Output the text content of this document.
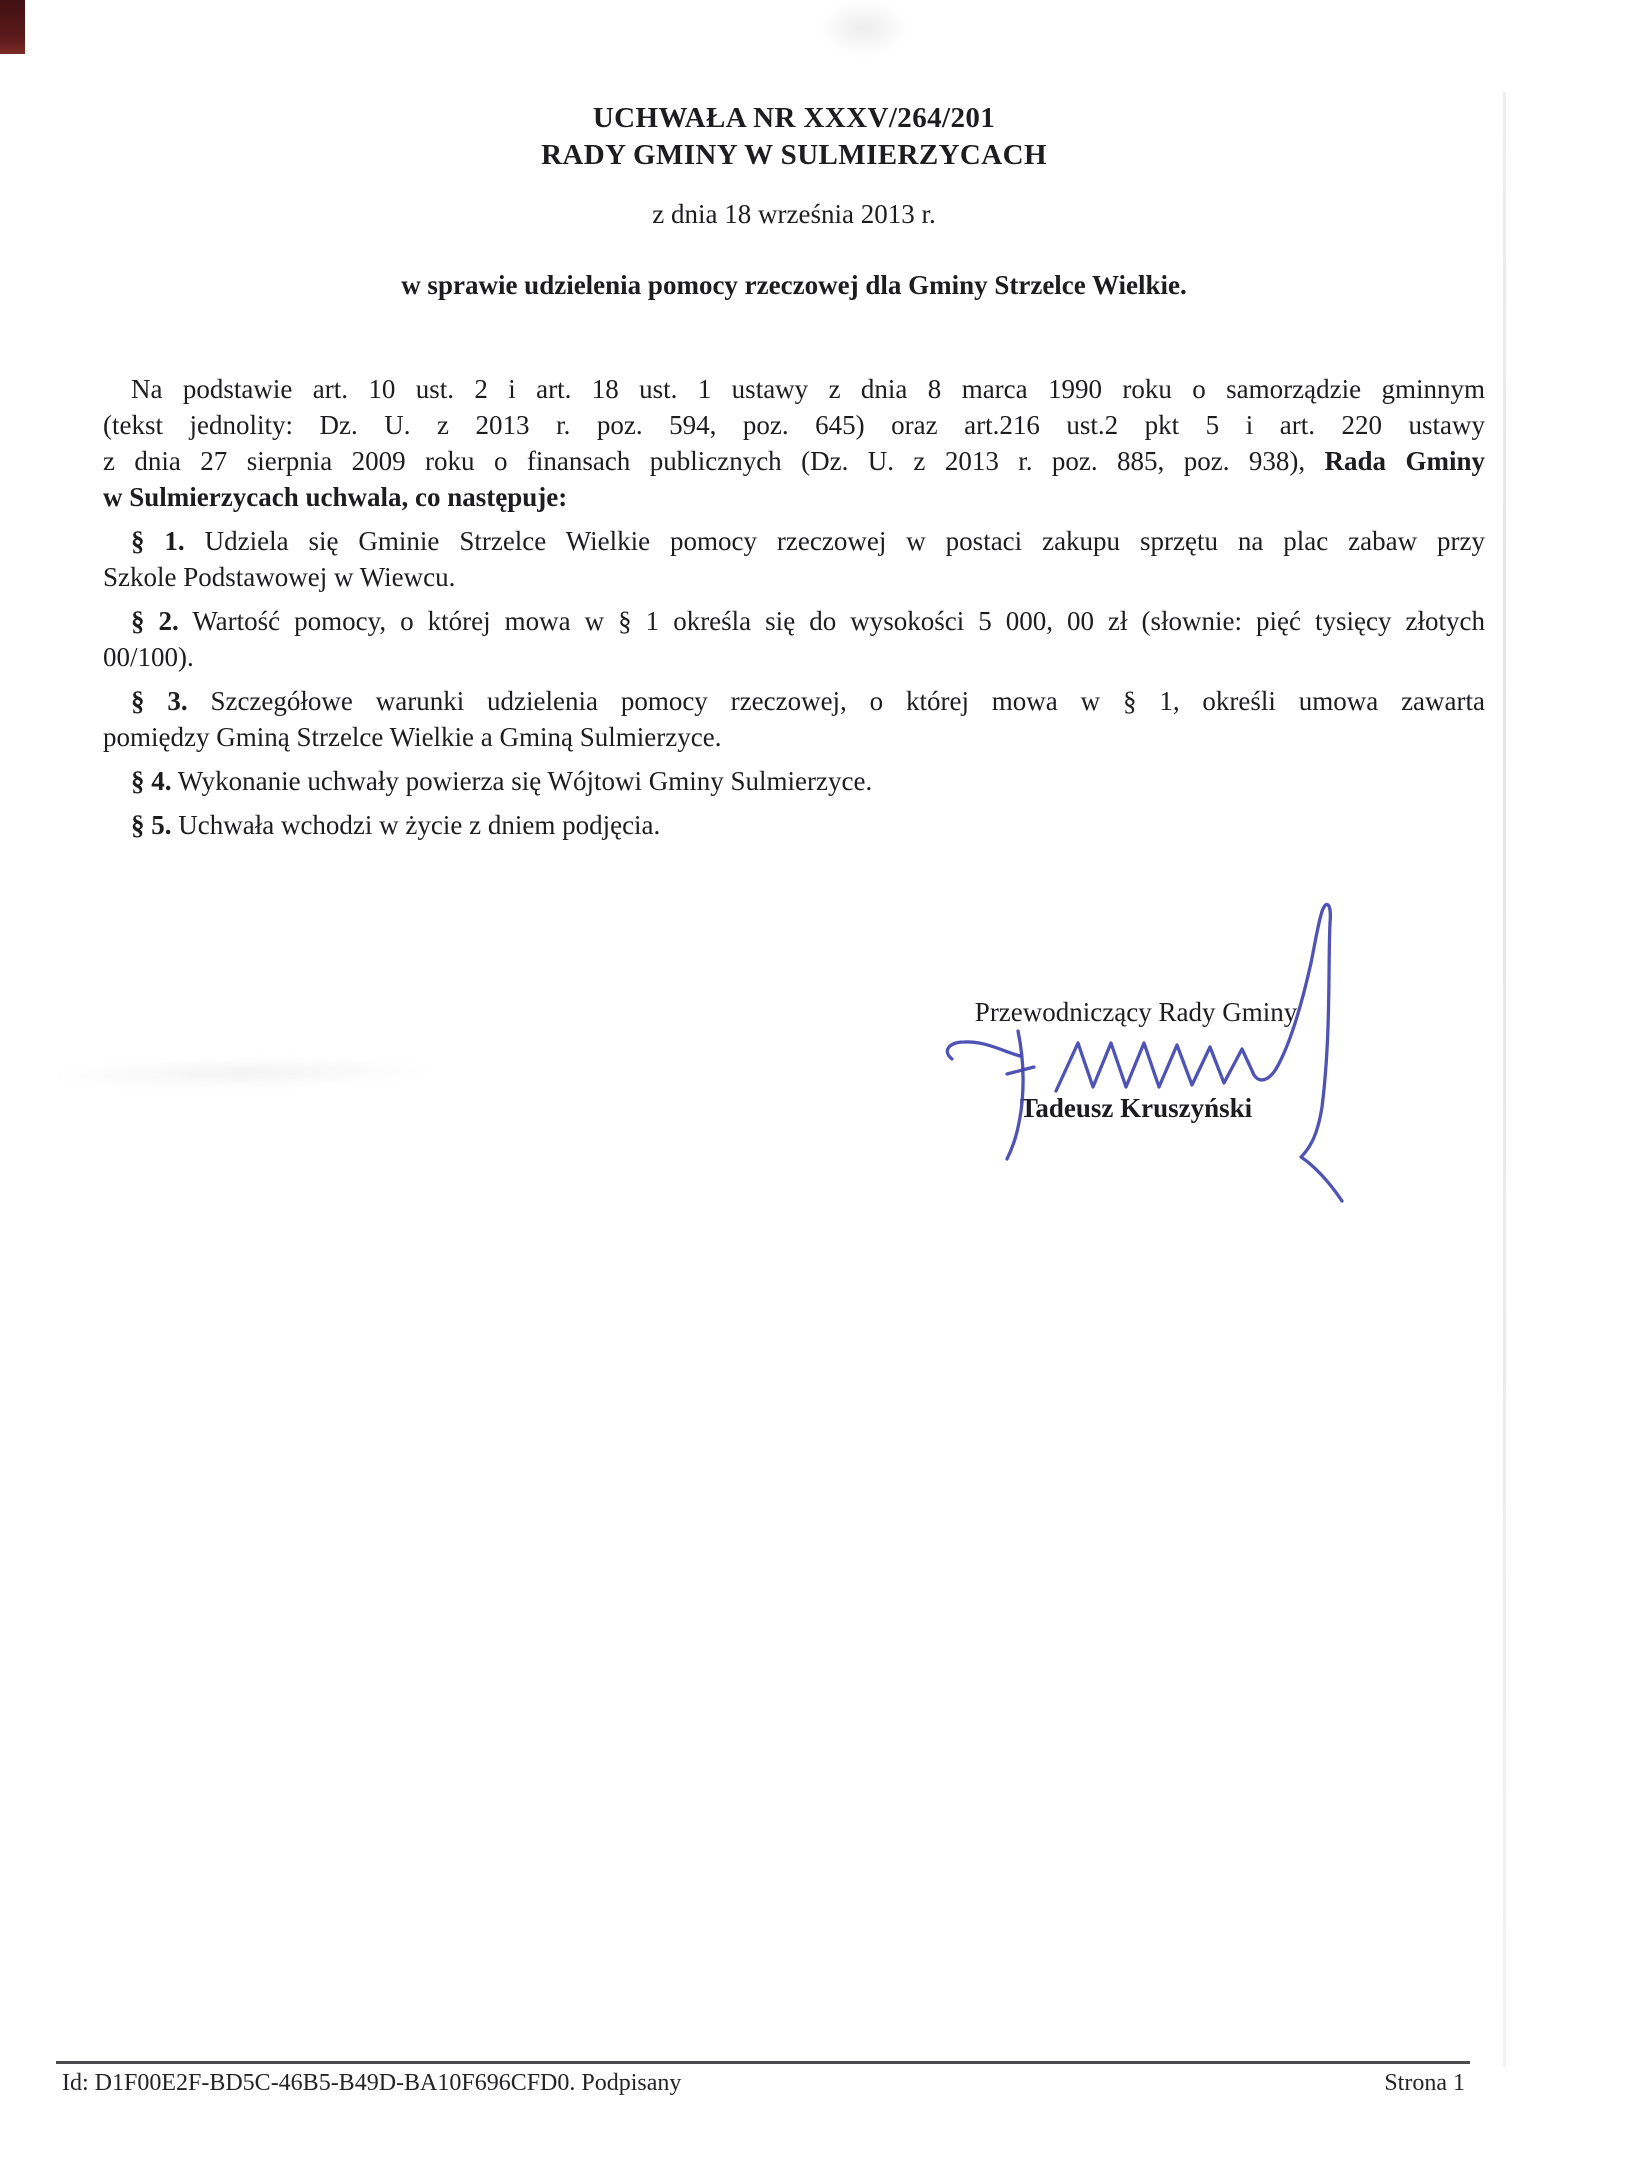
UCHWAŁA NR XXXV/264/201
RADY GMINY W SULMIERZYCACH
z dnia 18 września 2013 r.
w sprawie udzielenia pomocy rzeczowej dla Gminy Strzelce Wielkie.
Na podstawie art. 10 ust. 2 i art. 18 ust. 1 ustawy z dnia 8 marca 1990 roku o samorządzie gminnym
(tekst jednolity: Dz. U. z 2013 r. poz. 594, poz. 645) oraz art.216 ust.2 pkt 5 i art. 220 ustawy
z dnia 27 sierpnia 2009 roku o finansach publicznych (Dz. U. z 2013 r. poz. 885, poz. 938), Rada Gminy
w Sulmierzycach uchwala, co następuje:
§ 1. Udziela się Gminie Strzelce Wielkie pomocy rzeczowej w postaci zakupu sprzętu na plac zabaw przy
Szkole Podstawowej w Wiewcu.
§ 2. Wartość pomocy, o której mowa w § 1 określa się do wysokości 5 000, 00 zł (słownie: pięć tysięcy złotych
00/100).
§ 3. Szczegółowe warunki udzielenia pomocy rzeczowej, o której mowa w § 1, określi umowa zawarta
pomiędzy Gminą Strzelce Wielkie a Gminą Sulmierzyce.
§ 4. Wykonanie uchwały powierza się Wójtowi Gminy Sulmierzyce.
§ 5. Uchwała wchodzi w życie z dniem podjęcia.
Przewodniczący Rady Gminy
Tadeusz Kruszyński
Id: D1F00E2F-BD5C-46B5-B49D-BA10F696CFD0. Podpisany	Strona 1
